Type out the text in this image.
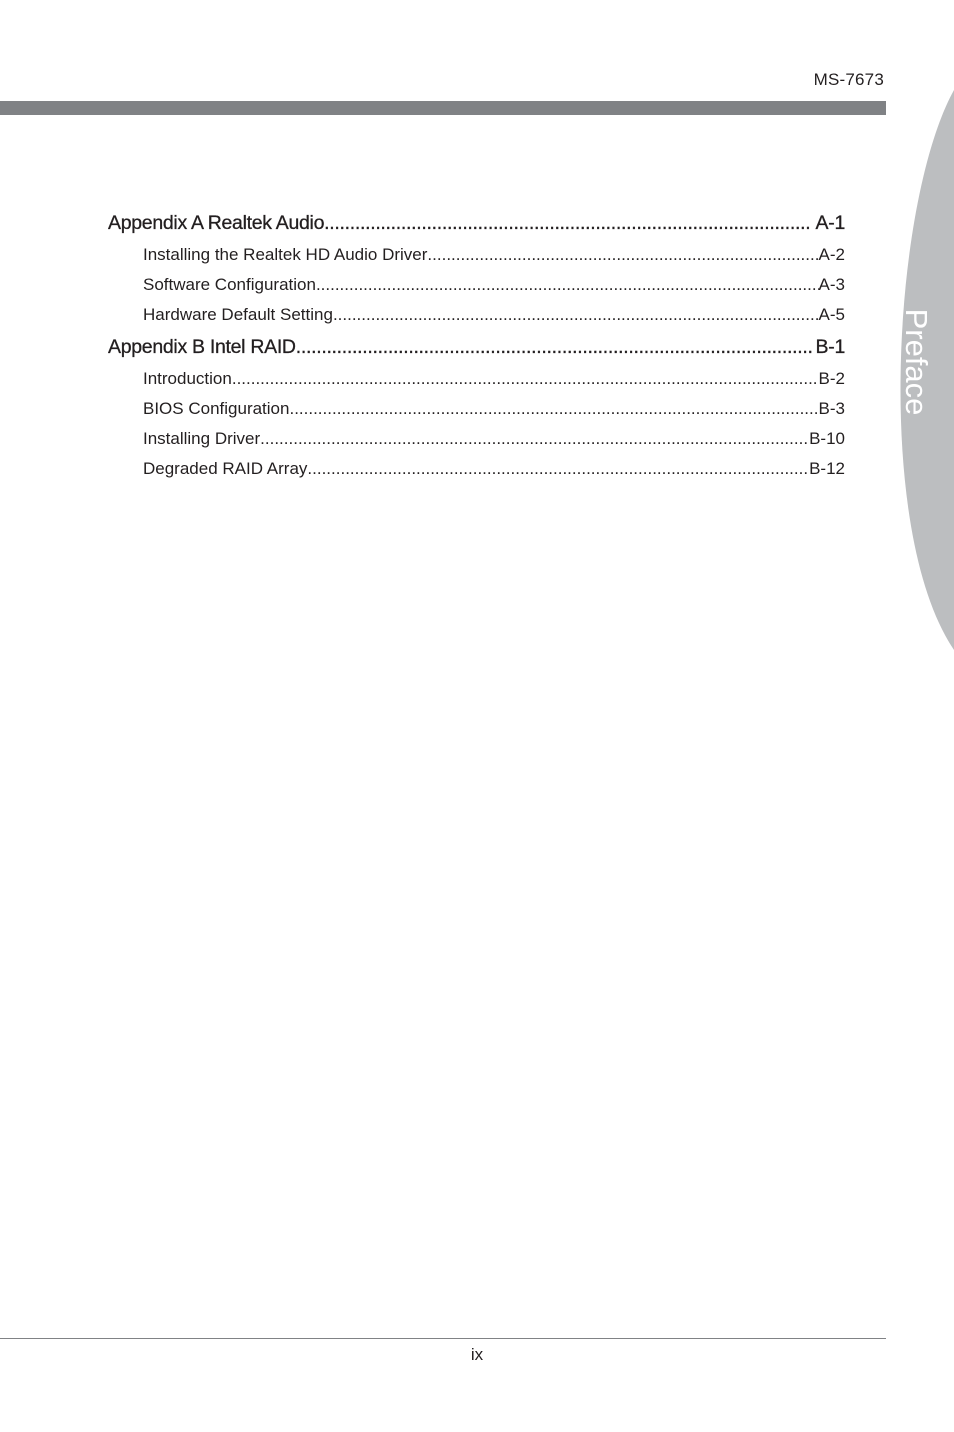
MS-7673
Preface
Appendix A Realtek Audio .....	A-1
Installing the Realtek HD Audio Driver .....	A-2
Software Configuration .....	A-3
Hardware Default Setting .....	A-5
Appendix B Intel RAID .....	B-1
Introduction .....	B-2
BIOS Configuration .....	B-3
Installing Driver .....	B-10
Degraded RAID Array .....	B-12
ix
